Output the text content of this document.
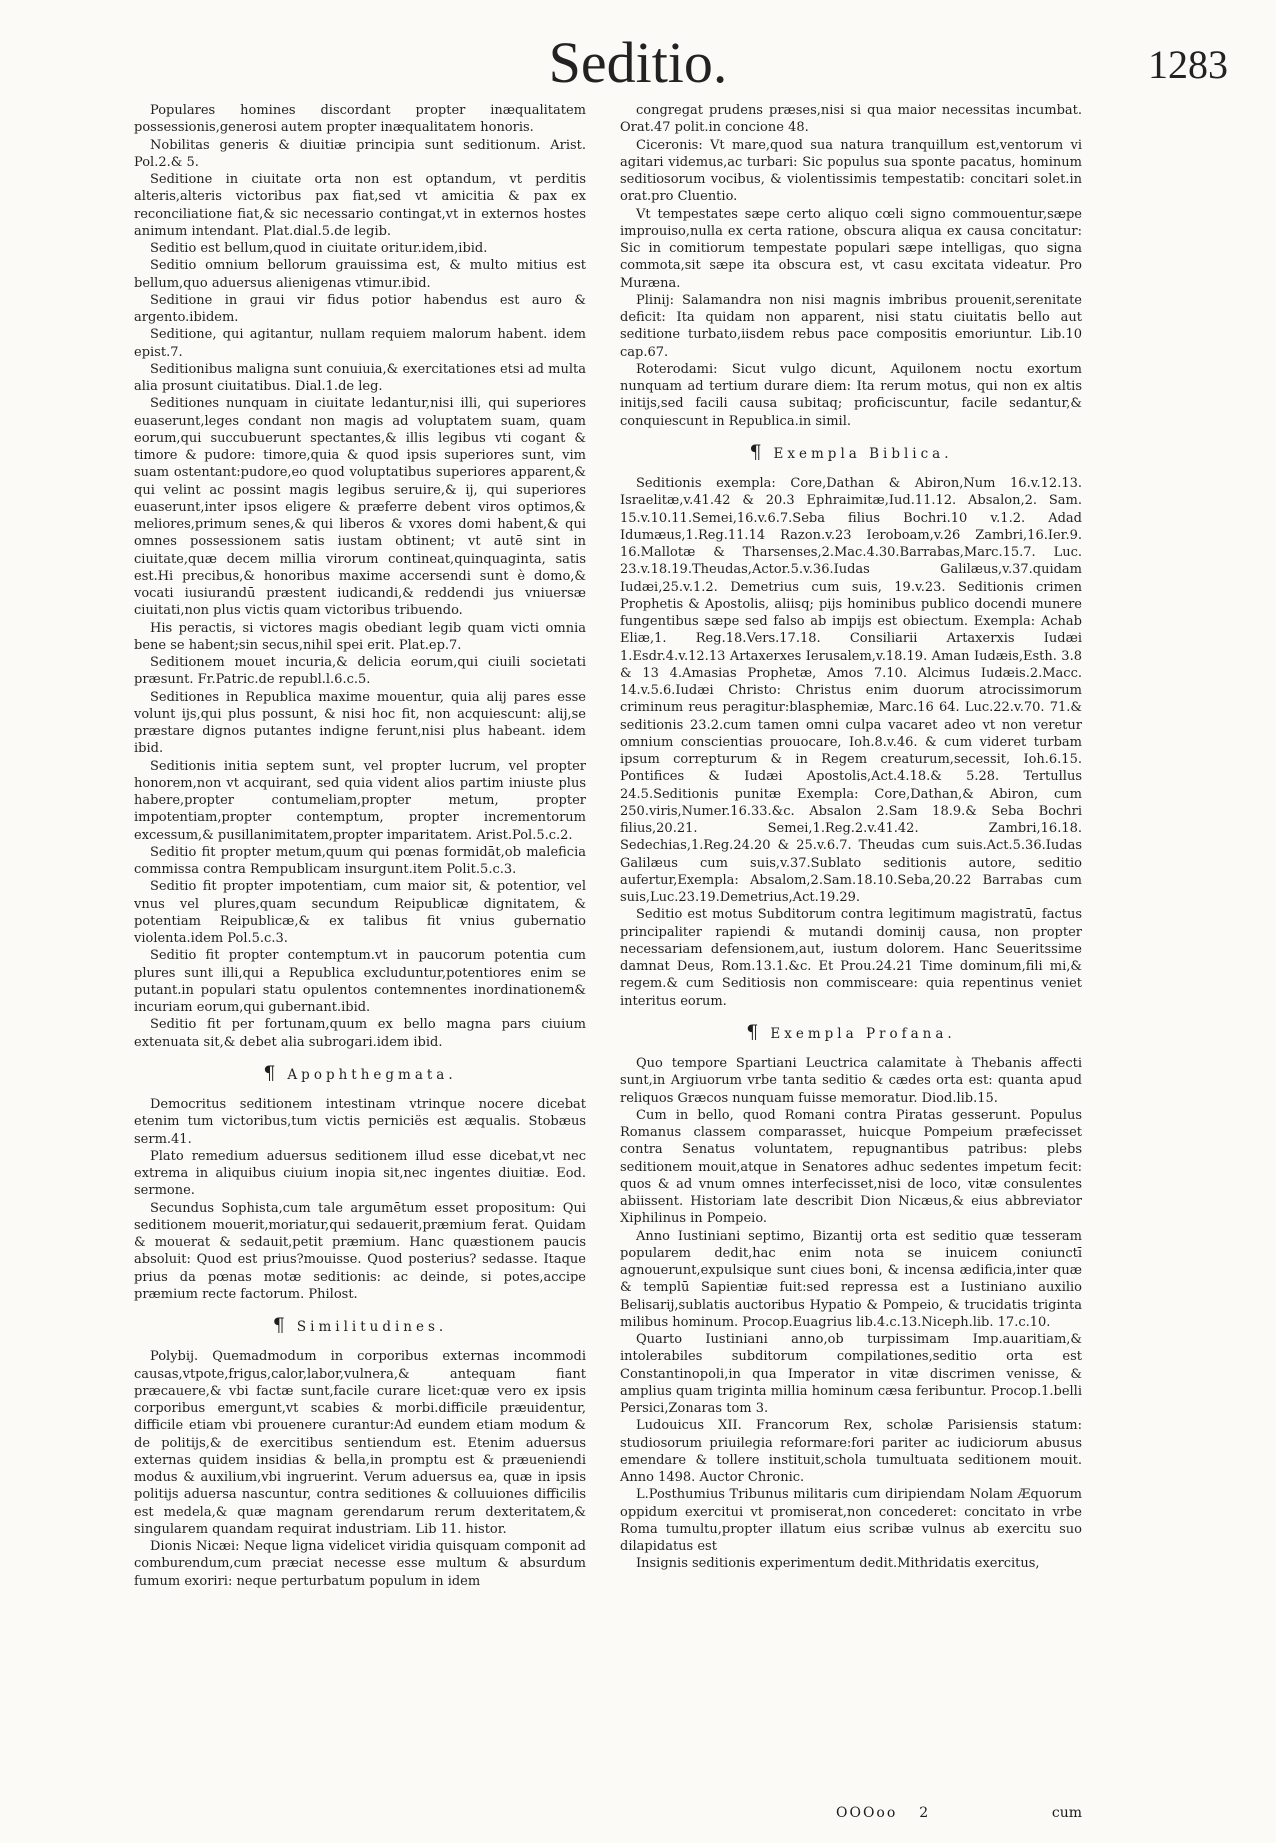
Seditio.	1283

Populares homines discordant propter inæqualitatem possessionis,generosi autem propter inæqualitatem honoris.

Nobilitas generis & diuitiæ principia sunt seditionum. Arist. Pol.2.& 5.

Seditione in ciuitate orta non est optandum, vt perditis alteris,alteris victoribus pax fiat,sed vt amicitia & pax ex reconciliatione fiat,& sic necessario contingat,vt in externos hostes animum intendant. Plat.dial.5.de legib.

Seditio est bellum,quod in ciuitate oritur.idem,ibid.

Seditio omnium bellorum grauissima est, & multo mitius est bellum,quo aduersus alienigenas vtimur.ibid.

Seditione in graui vir fidus potior habendus est auro & argento.ibidem.

Seditione, qui agitantur, nullam requiem malorum habent. idem epist.7.

Seditionibus maligna sunt conuiuia,& exercitationes etsi ad multa alia prosunt ciuitatibus. Dial.1.de leg.

Seditiones nunquam in ciuitate ledantur,nisi illi, qui superiores euaserunt,leges condant non magis ad voluptatem suam, quam eorum,qui succubuerunt spectantes,& illis legibus vti cogant & timore & pudore: timore,quia & quod ipsis superiores sunt, vim suam ostentant:pudore,eo quod voluptatibus superiores apparent,& qui velint ac possint magis legibus seruire,& ij, qui superiores euaserunt,inter ipsos eligere & præferre debent viros optimos,& meliores,primum senes,& qui liberos & vxores domi habent,& qui omnes possessionem satis iustam obtinent; vt autē sint in ciuitate,quæ decem millia virorum contineat,quinquaginta, satis est.Hi precibus,& honoribus maxime accersendi sunt è domo,& vocati iusiurandū præstent iudicandi,& reddendi jus vniuersæ ciuitati,non plus victis quam victoribus tribuendo.

His peractis, si victores magis obediant legib quam victi omnia bene se habent;sin secus,nihil spei erit. Plat.ep.7.

Seditionem mouet incuria,& delicia eorum,qui ciuili societati præsunt. Fr.Patric.de republ.l.6.c.5.

Seditiones in Republica maxime mouentur, quia alij pares esse volunt ijs,qui plus possunt, & nisi hoc fit, non acquiescunt: alij,se præstare dignos putantes indigne ferunt,nisi plus habeant. idem ibid.

Seditionis initia septem sunt, vel propter lucrum, vel propter honorem,non vt acquirant, sed quia vident alios partim iniuste plus habere,propter contumeliam,propter metum, propter impotentiam,propter contemptum, propter incrementorum excessum,& pusillanimitatem,propter imparitatem. Arist.Pol.5.c.2.

Seditio fit propter metum,quum qui pœnas formidāt,ob maleficia commissa contra Rempublicam insurgunt.item Polit.5.c.3.

Seditio fit propter impotentiam, cum maior sit, & potentior, vel vnus vel plures,quam secundum Reipublicæ dignitatem, & potentiam Reipublicæ,& ex talibus fit vnius gubernatio violenta.idem Pol.5.c.3.

Seditio fit propter contemptum.vt in paucorum potentia cum plures sunt illi,qui a Republica excluduntur,potentiores enim se putant.in populari statu opulentos contemnentes inordinationem& incuriam eorum,qui gubernant.ibid.

Seditio fit per fortunam,quum ex bello magna pars ciuium extenuata sit,& debet alia subrogari.idem ibid.

¶ Apophthegmata.

Democritus seditionem intestinam vtrinque nocere dicebat etenim tum victoribus,tum victis perniciës est æqualis. Stobæus serm.41.

Plato remedium aduersus seditionem illud esse dicebat,vt nec extrema in aliquibus ciuium inopia sit,nec ingentes diuitiæ. Eod. sermone.

Secundus Sophista,cum tale argumētum esset propositum: Qui seditionem mouerit,moriatur,qui sedauerit,præmium ferat. Quidam & mouerat & sedauit,petit præmium. Hanc quæstionem paucis absoluit: Quod est prius?mouisse. Quod posterius? sedasse. Itaque prius da pœnas motæ seditionis: ac deinde, si potes,accipe præmium recte factorum. Philost.

¶ Similitudines.

Polybij. Quemadmodum in corporibus externas incommodi causas,vtpote,frigus,calor,labor,vulnera,& antequam fiant præcauere,& vbi factæ sunt,facile curare licet:quæ vero ex ipsis corporibus emergunt,vt scabies & morbi.difficile præuidentur, difficile etiam vbi prouenere curantur:Ad eundem etiam modum & de politijs,& de exercitibus sentiendum est. Etenim aduersus externas quidem insidias & bella,in promptu est & præueniendi modus & auxilium,vbi ingruerint. Verum aduersus ea, quæ in ipsis politijs aduersa nascuntur, contra seditiones & colluuiones difficilis est medela,& quæ magnam gerendarum rerum dexteritatem,& singularem quandam requirat industriam. Lib 11. histor.

Dionis Nicæi: Neque ligna videlicet viridia quisquam componit ad comburendum,cum præciat necesse esse multum & absurdum fumum exoriri: neque perturbatum populum in idem

congregat prudens præses,nisi si qua maior necessitas incumbat. Orat.47 polit.in concione 48.

Ciceronis: Vt mare,quod sua natura tranquillum est,ventorum vi agitari videmus,ac turbari: Sic populus sua sponte pacatus, hominum seditiosorum vocibus, & violentissimis tempestatib: concitari solet.in orat.pro Cluentio.

Vt tempestates sæpe certo aliquo cœli signo commouentur,sæpe improuiso,nulla ex certa ratione, obscura aliqua ex causa concitatur: Sic in comitiorum tempestate populari sæpe intelligas, quo signa commota,sit sæpe ita obscura est, vt casu excitata videatur. Pro Muræna.

Plinij: Salamandra non nisi magnis imbribus prouenit,serenitate deficit: Ita quidam non apparent, nisi statu ciuitatis bello aut seditione turbato,iisdem rebus pace compositis emoriuntur. Lib.10 cap.67.

Roterodami: Sicut vulgo dicunt, Aquilonem noctu exortum nunquam ad tertium durare diem: Ita rerum motus, qui non ex altis initijs,sed facili causa subitaq; proficiscuntur, facile sedantur,& conquiescunt in Republica.in simil.

¶ Exempla Biblica.

Seditionis exempla: Core,Dathan & Abiron,Num 16.v.12.13. Israelitæ,v.41.42 & 20.3 Ephraimitæ,Iud.11.12. Absalon,2. Sam. 15.v.10.11.Semei,16.v.6.7.Seba filius Bochri.10 v.1.2. Adad Idumæus,1.Reg.11.14 Razon.v.23 Ieroboam,v.26 Zambri,16.Ier.9. 16.Mallotæ & Tharsenses,2.Mac.4.30.Barrabas,Marc.15.7. Luc. 23.v.18.19.Theudas,Actor.5.v.36.Iudas Galilæus,v.37.quidam Iudæi,25.v.1.2. Demetrius cum suis, 19.v.23. Seditionis crimen Prophetis & Apostolis, aliisq; pijs hominibus publico docendi munere fungentibus sæpe sed falso ab impijs est obiectum. Exempla: Achab Eliæ,1. Reg.18.Vers.17.18. Consiliarii Artaxerxis Iudæi 1.Esdr.4.v.12.13 Artaxerxes Ierusalem,v.18.19. Aman Iudæis,Esth. 3.8 & 13 4.Amasias Prophetæ, Amos 7.10. Alcimus Iudæis.2.Macc. 14.v.5.6.Iudæi Christo: Christus enim duorum atrocissimorum criminum reus peragitur:blasphemiæ, Marc.16 64. Luc.22.v.70. 71.& seditionis 23.2.cum tamen omni culpa vacaret adeo vt non veretur omnium conscientias prouocare, Ioh.8.v.46. & cum videret turbam ipsum correpturum & in Regem creaturum,secessit, Ioh.6.15. Pontifices & Iudæi Apostolis,Act.4.18.& 5.28. Tertullus 24.5.Seditionis punitæ Exempla: Core,Dathan,& Abiron, cum 250.viris,Numer.16.33.&c. Absalon 2.Sam 18.9.& Seba Bochri filius,20.21. Semei,1.Reg.2.v.41.42. Zambri,16.18. Sedechias,1.Reg.24.20 & 25.v.6.7. Theudas cum suis.Act.5.36.Iudas Galilæus cum suis,v.37.Sublato seditionis autore, seditio aufertur,Exempla: Absalom,2.Sam.18.10.Seba,20.22 Barrabas cum suis,Luc.23.19.Demetrius,Act.19.29.

Seditio est motus Subditorum contra legitimum magistratū, factus principaliter rapiendi & mutandi dominij causa, non propter necessariam defensionem,aut, iustum dolorem. Hanc Seueritssime damnat Deus, Rom.13.1.&c. Et Prou.24.21 Time dominum,fili mi,& regem.& cum Seditiosis non commisceare: quia repentinus veniet interitus eorum.

¶ Exempla Profana.

Quo tempore Spartiani Leuctrica calamitate à Thebanis affecti sunt,in Argiuorum vrbe tanta seditio & cædes orta est: quanta apud reliquos Græcos nunquam fuisse memoratur. Diod.lib.15.

Cum in bello, quod Romani contra Piratas gesserunt. Populus Romanus classem comparasset, huicque Pompeium præfecisset contra Senatus voluntatem, repugnantibus patribus: plebs seditionem mouit,atque in Senatores adhuc sedentes impetum fecit: quos & ad vnum omnes interfecisset,nisi de loco, vitæ consulentes abiissent. Historiam late describit Dion Nicæus,& eius abbreviator Xiphilinus in Pompeio.

Anno Iustiniani septimo, Bizantij orta est seditio quæ tesseram popularem dedit,hac enim nota se inuicem coniunctī agnouerunt,expulsique sunt ciues boni, & incensa ædificia,inter quæ & templū Sapientiæ fuit:sed repressa est a Iustiniano auxilio Belisarij,sublatis auctoribus Hypatio & Pompeio, & trucidatis triginta milibus hominum. Procop.Euagrius lib.4.c.13.Niceph.lib. 17.c.10.

Quarto Iustiniani anno,ob turpissimam Imp.auaritiam,& intolerabiles subditorum compilationes,seditio orta est Constantinopoli,in qua Imperator in vitæ discrimen venisse, & amplius quam triginta millia hominum cæsa feribuntur. Procop.1.belli Persici,Zonaras tom 3.

Ludouicus XII. Francorum Rex, scholæ Parisiensis statum: studiosorum priuilegia reformare:fori pariter ac iudiciorum abusus emendare & tollere instituit,schola tumultuata seditionem mouit. Anno 1498. Auctor Chronic.

L.Posthumius Tribunus militaris cum diripiendam Nolam Æquorum oppidum exercitui vt promiserat,non concederet: concitato in vrbe Roma tumultu,propter illatum eius scribæ vulnus ab exercitu suo dilapidatus est

Insignis seditionis experimentum dedit.Mithridatis exercitus,

OOOoo 2	cum
